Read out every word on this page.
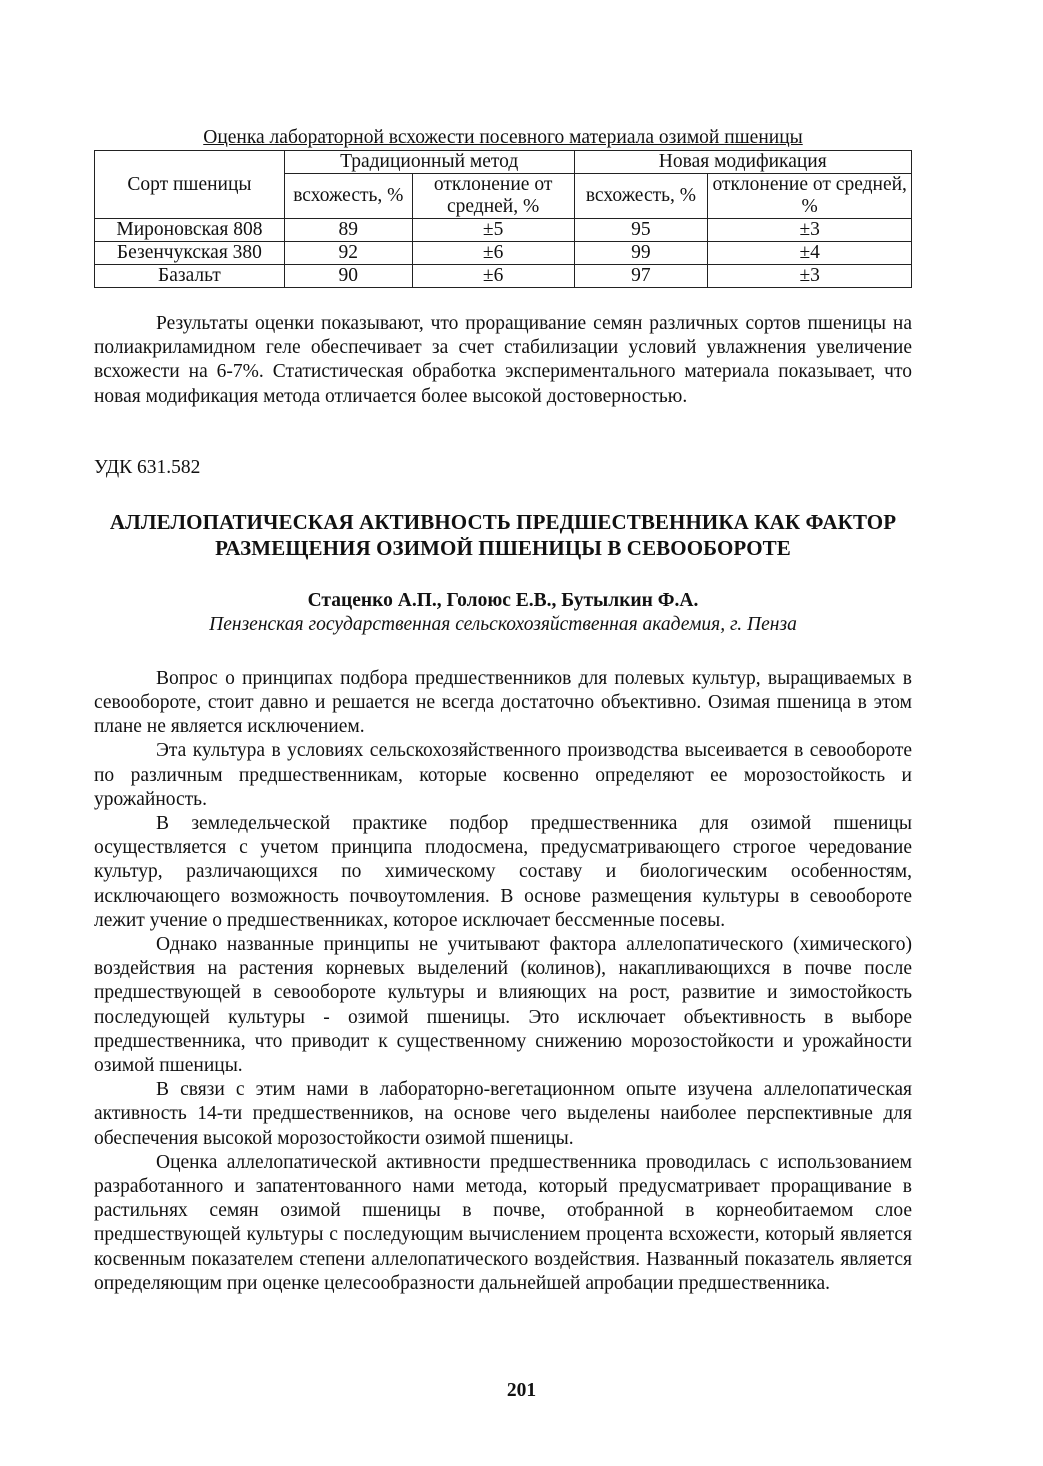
Оценка лабораторной всхожести посевного материала озимой пшеницы
Сорт пшеницы	Традиционный метод		Новая модификация	
	всхожесть, %	отклонение от средней, %	всхожесть, %	отклонение от средней, %
Мироновская 808	89	±5	95	±3
Безенчукская 380	92	±6	99	±4
Базальт	90	±6	97	±3

Результаты оценки показывают, что проращивание семян различных сортов пшеницы на полиакриламидном геле обеспечивает за счет стабилизации условий увлажнения увеличение всхожести на 6-7%. Статистическая обработка экспериментального материала показывает, что новая модификация метода отличается более высокой достоверностью.

УДК 631.582
АЛЛЕЛОПАТИЧЕСКАЯ АКТИВНОСТЬ ПРЕДШЕСТВЕННИКА КАК ФАКТОР РАЗМЕЩЕНИЯ ОЗИМОЙ ПШЕНИЦЫ В СЕВООБОРОТЕ
Стаценко А.П., Голоюс Е.В., Бутылкин Ф.А.
Пензенская государственная сельскохозяйственная академия, г. Пенза

Вопрос о принципах подбора предшественников для полевых культур, выращиваемых в севообороте, стоит давно и решается не всегда достаточно объективно. Озимая пшеница в этом плане не является исключением.

Эта культура в условиях сельскохозяйственного производства высеивается в севообороте по различным предшественникам, которые косвенно определяют ее морозостойкость и урожайность.

В земледельческой практике подбор предшественника для озимой пшеницы осуществляется с учетом принципа плодосмена, предусматривающего строгое чередование культур, различающихся по химическому составу и биологическим особенностям, исключающего возможность почвоутомления. В основе размещения культуры в севообороте лежит учение о предшественниках, которое исключает бессменные посевы.

Однако названные принципы не учитывают фактора аллелопатического (химического) воздействия на растения корневых выделений (колинов), накапливающихся в почве после предшествующей в севообороте культуры и влияющих на рост, развитие и зимостойкость последующей культуры - озимой пшеницы. Это исключает объективность в выборе предшественника, что приводит к существенному снижению морозостойкости и урожайности озимой пшеницы.

В связи с этим нами в лабораторно-вегетационном опыте изучена аллелопатическая активность 14-ти предшественников, на основе чего выделены наиболее перспективные для обеспечения высокой морозостойкости озимой пшеницы.

Оценка аллелопатической активности предшественника проводилась с использованием разработанного и запатентованного нами метода, который предусматривает проращивание в растильнях семян озимой пшеницы в почве, отобранной в корнеобитаемом слое предшествующей культуры с последующим вычислением процента всхожести, который является косвенным показателем степени аллелопатического воздействия. Названный показатель является определяющим при оценке целесообразности дальнейшей апробации предшественника.

201
